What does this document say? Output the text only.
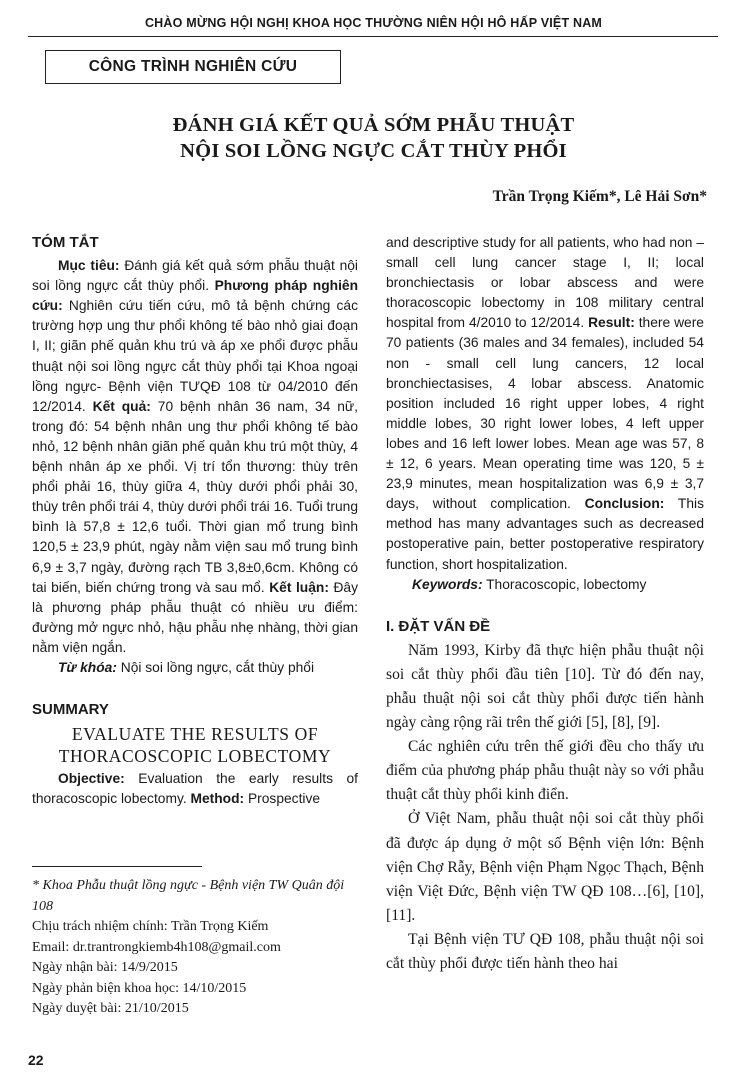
CHÀO MỪNG HỘI NGHỊ KHOA HỌC THƯỜNG NIÊN HỘI HÔ HẤP VIỆT NAM
CÔNG TRÌNH NGHIÊN CỨU
ĐÁNH GIÁ KẾT QUẢ SỚM PHẪU THUẬT
NỘI SOI LỒNG NGỰC CẮT THÙY PHỔI
Trần Trọng Kiếm*, Lê Hải Sơn*

TÓM TẮT

Mục tiêu: Đánh giá kết quả sớm phẫu thuật nội soi lồng ngực cắt thùy phổi. Phương pháp nghiên cứu: Nghiên cứu tiến cứu, mô tả bệnh chứng các trường hợp ung thư phổi không tế bào nhỏ giai đoạn I, II; giãn phế quản khu trú và áp xe phổi được phẫu thuật nội soi lồng ngực cắt thùy phổi tại Khoa ngoại lồng ngực- Bệnh viện TƯQĐ 108 từ 04/2010 đến 12/2014. Kết quả: 70 bệnh nhân 36 nam, 34 nữ, trong đó: 54 bệnh nhân ung thư phổi không tế bào nhỏ, 12 bệnh nhân giãn phế quản khu trú một thùy, 4 bệnh nhân áp xe phổi. Vị trí tổn thương: thùy trên phổi phải 16, thùy giữa 4, thùy dưới phổi phải 30, thùy trên phổi trái 4, thùy dưới phổi trái 16. Tuổi trung bình là 57,8 ± 12,6 tuổi. Thời gian mổ trung bình 120,5 ± 23,9 phút, ngày nằm viện sau mổ trung bình 6,9 ± 3,7 ngày, đường rạch TB 3,8±0,6cm. Không có tai biến, biến chứng trong và sau mổ. Kết luận: Đây là phương pháp phẫu thuật có nhiều ưu điểm: đường mở ngực nhỏ, hậu phẫu nhẹ nhàng, thời gian nằm viện ngắn.

Từ khóa: Nội soi lồng ngực, cắt thùy phổi

SUMMARY

EVALUATE THE RESULTS OF
THORACOSCOPIC LOBECTOMY

Objective: Evaluation the early results of thoracoscopic lobectomy. Method: Prospective

* Khoa Phẫu thuật lồng ngực - Bệnh viện TW Quân đội 108

Chịu trách nhiệm chính: Trần Trọng Kiếm

Email: dr.trantrongkiemb4h108@gmail.com

Ngày nhận bài: 14/9/2015

Ngày phản biện khoa học: 14/10/2015

Ngày duyệt bài: 21/10/2015

and descriptive study for all patients, who had non – small cell lung cancer stage I, II; local bronchiectasis or lobar abscess and were thoracoscopic lobectomy in 108 military central hospital from 4/2010 to 12/2014. Result: there were 70 patients (36 males and 34 females), included 54 non - small cell lung cancers, 12 local bronchiectasises, 4 lobar abscess. Anatomic position included 16 right upper lobes, 4 right middle lobes, 30 right lower lobes, 4 left upper lobes and 16 left lower lobes. Mean age was 57, 8 ± 12, 6 years. Mean operating time was 120, 5 ± 23,9 minutes, mean hospitalization was 6,9 ± 3,7 days, without complication. Conclusion: This method has many advantages such as decreased postoperative pain, better postoperative respiratory function, short hospitalization.

Keywords: Thoracoscopic, lobectomy

I. ĐẶT VẤN ĐỀ

Năm 1993, Kirby đã thực hiện phẫu thuật nội soi cắt thùy phổi đầu tiên [10]. Từ đó đến nay, phẫu thuật nội soi cắt thùy phổi được tiến hành ngày càng rộng rãi trên thế giới [5], [8], [9].

Các nghiên cứu trên thế giới đều cho thấy ưu điểm của phương pháp phẫu thuật này so với phẫu thuật cắt thùy phổi kinh điển.

Ở Việt Nam, phẫu thuật nội soi cắt thùy phổi đã được áp dụng ở một số Bệnh viện lớn: Bệnh viện Chợ Rẫy, Bệnh viện Phạm Ngọc Thạch, Bệnh viện Việt Đức, Bệnh viện TW QĐ 108…[6], [10], [11].

Tại Bệnh viện TƯ QĐ 108, phẫu thuật nội soi cắt thùy phổi được tiến hành theo hai

22
